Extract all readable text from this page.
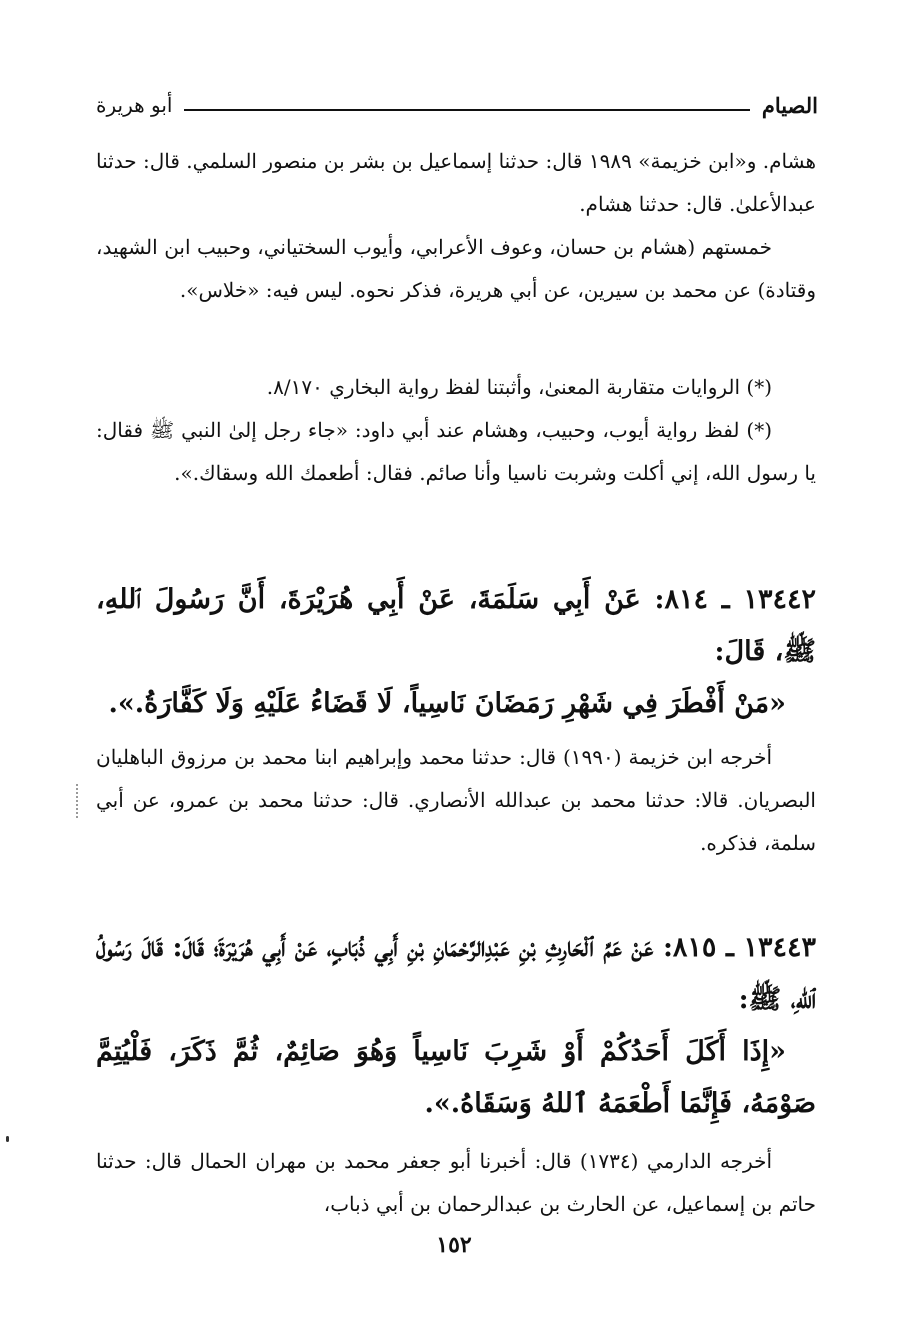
الصيام
أبو هريرة

هشام. و«ابن خزيمة» ١٩٨٩ قال: حدثنا إسماعيل بن بشر بن منصور السلمي. قال: حدثنا عبدالأعلىٰ. قال: حدثنا هشام.

خمستهم (هشام بن حسان، وعوف الأعرابي، وأيوب السختياني، وحبيب ابن الشهيد، وقتادة) عن محمد بن سيرين، عن أبي هريرة، فذكر نحوه. ليس فيه: «خلاس».

(*) الروايات متقاربة المعنىٰ، وأثبتنا لفظ رواية البخاري ٨/١٧٠.

(*) لفظ رواية أيوب، وحبيب، وهشام عند أبي داود: «جاء رجل إلىٰ النبي ﷺ فقال: يا رسول الله، إني أكلت وشربت ناسيا وأنا صائم. فقال: أطعمك الله وسقاك.».

١٣٤٤٢ ـ ٨١٤: عَنْ أَبِي سَلَمَةَ، عَنْ أَبِي هُرَيْرَةَ، أَنَّ رَسُولَ ٱللهِ، ﷺ، قَالَ:

«مَنْ أَفْطَرَ فِي شَهْرِ رَمَضَانَ نَاسِياً، لَا قَضَاءُ عَلَيْهِ وَلَا كَفَّارَةُ.».

أخرجه ابن خزيمة (١٩٩٠) قال: حدثنا محمد وإبراهيم ابنا محمد بن مرزوق الباهليان البصريان. قالا: حدثنا محمد بن عبدالله الأنصاري. قال: حدثنا محمد بن عمرو، عن أبي سلمة، فذكره.

١٣٤٤٣ ـ ٨١٥: عَنْ عَمِّ ٱلْحَارِثِ بْنِ عَبْدِالرَّحْمَانِ بْنِ أَبِي ذُبَابٍ، عَنْ أَبِي هُرَيْرَةَ؛ قَالَ: قَالَ رَسُولُ ٱللهِ، ﷺ:

«إِذَا أَكَلَ أَحَدُكُمْ أَوْ شَرِبَ نَاسِياً وَهُوَ صَائِمٌ، ثُمَّ ذَكَرَ، فَلْيُتِمَّ صَوْمَهُ، فَإِنَّمَا أَطْعَمَهُ ٱللهُ وَسَقَاهُ.».

أخرجه الدارمي (١٧٣٤) قال: أخبرنا أبو جعفر محمد بن مهران الحمال قال: حدثنا حاتم بن إسماعيل، عن الحارث بن عبدالرحمان بن أبي ذباب،

١٥٢
